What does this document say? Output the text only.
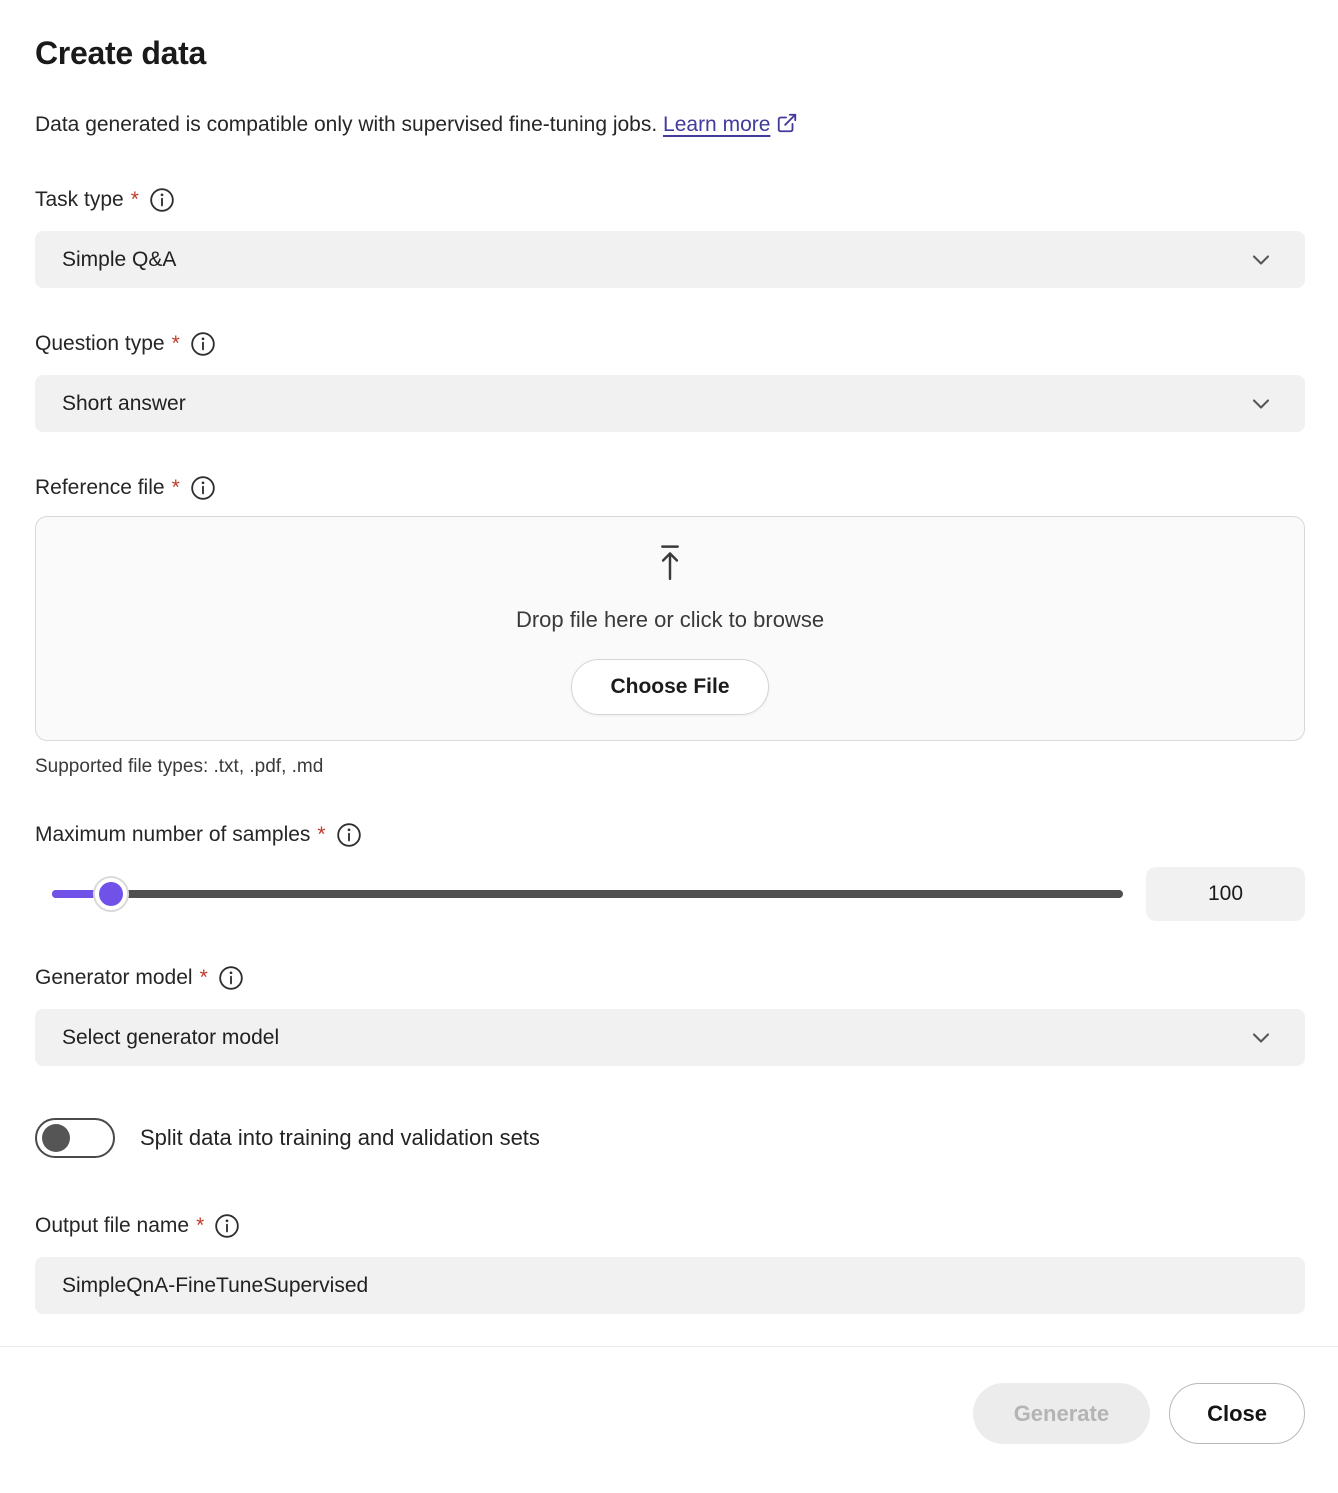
Create data

Data generated is compatible only with supervised fine-tuning jobs. Learn more

Task type *
Simple Q&A
Question type *
Short answer
Reference file *
Drop file here or click to browse
Choose File
Supported file types: .txt, .pdf, .md
Maximum number of samples *
100
Generator model *
Select generator model
Split data into training and validation sets
Output file name *
SimpleQnA-FineTuneSupervised
Generate	Close
